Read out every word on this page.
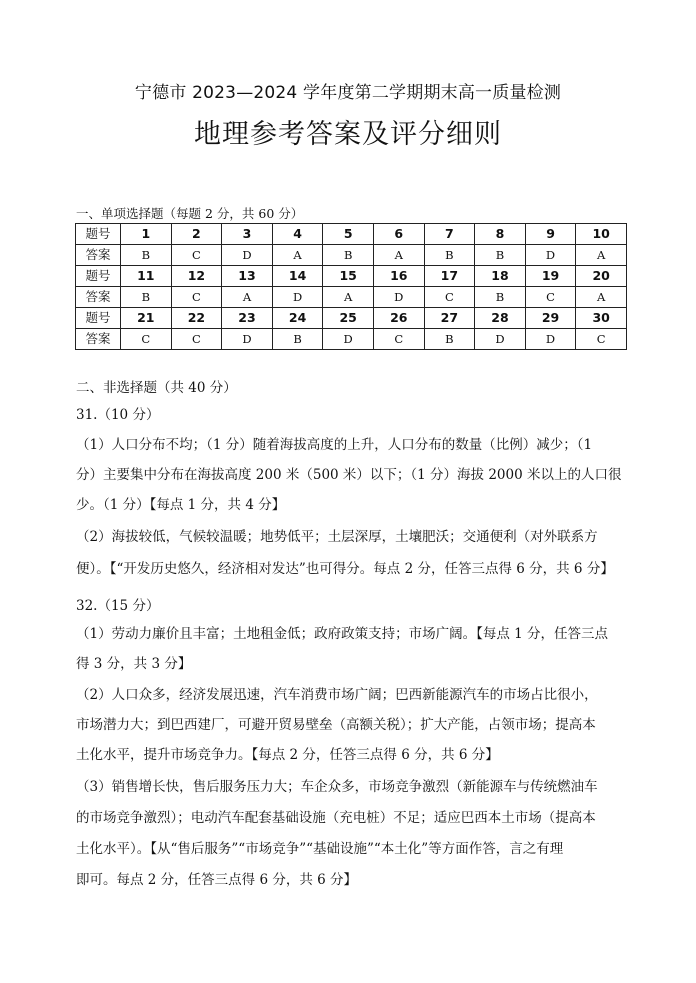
宁德市 2023—2024 学年度第二学期期末高一质量检测
地理参考答案及评分细则
一、单项选择题（每题 2 分，共 60 分）
题号	1	2	3	4	5	6	7	8	9	10
答案	B	C	D	A	B	A	B	B	D	A
题号	11	12	13	14	15	16	17	18	19	20
答案	B	C	A	D	A	D	C	B	C	A
题号	21	22	23	24	25	26	27	28	29	30
答案	C	C	D	B	D	C	B	D	D	C
二、非选择题（共 40 分）
31.（10 分）
（1）人口分布不均；（1 分）随着海拔高度的上升，人口分布的数量（比例）减少；（1
分）主要集中分布在海拔高度 200 米（500 米）以下；（1 分）海拔 2000 米以上的人口很
少。（1 分）【每点 1 分，共 4 分】
（2）海拔较低，气候较温暖；地势低平；土层深厚，土壤肥沃；交通便利（对外联系方
便）。【“开发历史悠久，经济相对发达”也可得分。每点 2 分，任答三点得 6 分，共 6 分】
32.（15 分）
（1）劳动力廉价且丰富；土地租金低；政府政策支持；市场广阔。【每点 1 分，任答三点
得 3 分，共 3 分】
（2）人口众多，经济发展迅速，汽车消费市场广阔；巴西新能源汽车的市场占比很小，
市场潜力大；到巴西建厂，可避开贸易壁垒（高额关税）；扩大产能，占领市场；提高本
土化水平，提升市场竞争力。【每点 2 分，任答三点得 6 分，共 6 分】
（3）销售增长快，售后服务压力大；车企众多，市场竞争激烈（新能源车与传统燃油车
的市场竞争激烈）；电动汽车配套基础设施（充电桩）不足；适应巴西本土市场（提高本
土化水平）。【从“售后服务”“市场竞争”“基础设施”“本土化”等方面作答，言之有理
即可。每点 2 分，任答三点得 6 分，共 6 分】
